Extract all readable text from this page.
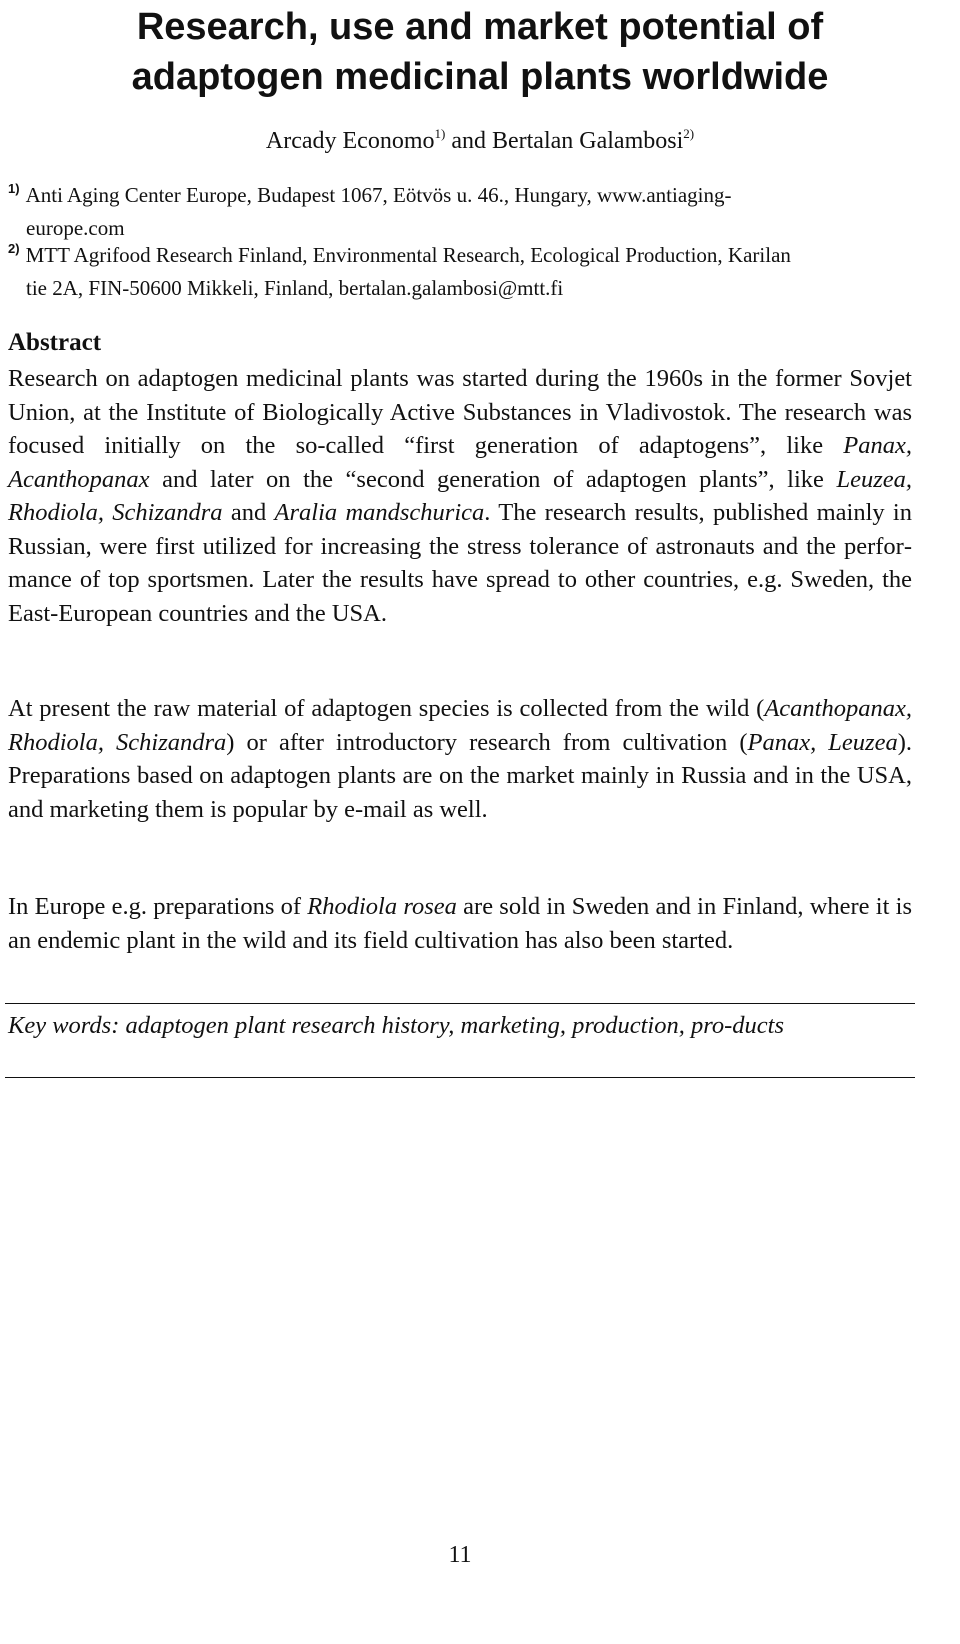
Research, use and market potential of
adaptogen medicinal plants worldwide
Arcady Economo$^{1)}$ and Bertalan Galambosi$^{2)}$
$^{1)}$ Anti Aging Center Europe, Budapest 1067, Eötvös u. 46., Hungary, www.antiaging-
europe.com
$^{2)}$ MTT Agrifood Research Finland, Environmental Research, Ecological Production, Karilan
tie 2A, FIN-50600 Mikkeli, Finland, bertalan.galambosi@mtt.fi
Abstract

Research on adaptogen medicinal plants was started during the 1960s in the former Sovjet Union, at the Institute of Biologically Active Substances in Vladivostok. The research was focused initially on the so-called “first generation of adaptogens”, like Panax, Acanthopanax and later on the “second generation of adaptogen plants”, like Leuzea, Rhodiola, Schizandra and Aralia mandschurica. The research results, published mainly in Russian, were first utilized for increasing the stress tolerance of astronauts and the performance of top sportsmen. Later the results have spread to other countries, e.g. Sweden, the East-European countries and the USA.

At present the raw material of adaptogen species is collected from the wild (Acanthopanax, Rhodiola, Schizandra) or after introductory research from cultivation (Panax, Leuzea). Preparations based on adaptogen plants are on the market mainly in Russia and in the USA, and marketing them is popular by e-mail as well.

In Europe e.g. preparations of Rhodiola rosea are sold in Sweden and in Finland, where it is an endemic plant in the wild and its field cultivation has also been started.

Key words: adaptogen plant research history, marketing, production, pro-ducts

11
